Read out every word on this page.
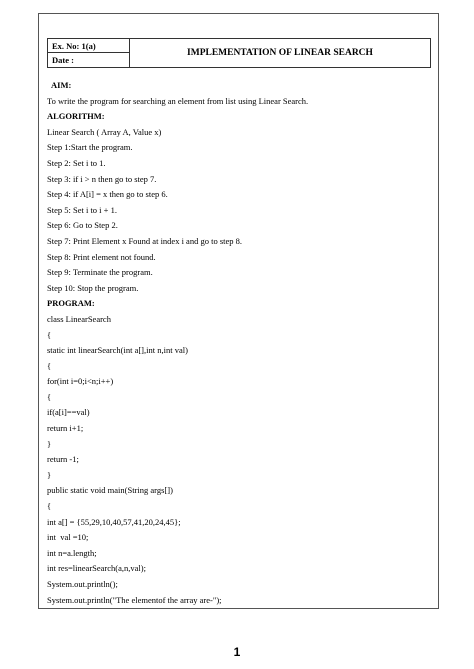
Ex. No: 1(a)
Date :
IMPLEMENTATION OF LINEAR SEARCH
AIM:
To write the program for searching an element from list using Linear Search.
ALGORITHM:
Linear Search ( Array A, Value x)
Step 1:Start the program.
Step 2: Set i to 1.
Step 3: if i > n then go to step 7.
Step 4: if A[i] = x then go to step 6.
Step 5: Set i to i + 1.
Step 6: Go to Step 2.
Step 7: Print Element x Found at index i and go to step 8.
Step 8: Print element not found.
Step 9: Terminate the program.
Step 10: Stop the program.
PROGRAM:
class LinearSearch
{
static int linearSearch(int a[],int n,int val)
{
for(int i=0;i<n;i++)
{
if(a[i]==val)
return i+1;
}
return -1;
}
public static void main(String args[])
{
int a[] = {55,29,10,40,57,41,20,24,45};
int  val =10;
int n=a.length;
int res=linearSearch(a,n,val);
System.out.println();
System.out.println("The elementof the array are-");
1
